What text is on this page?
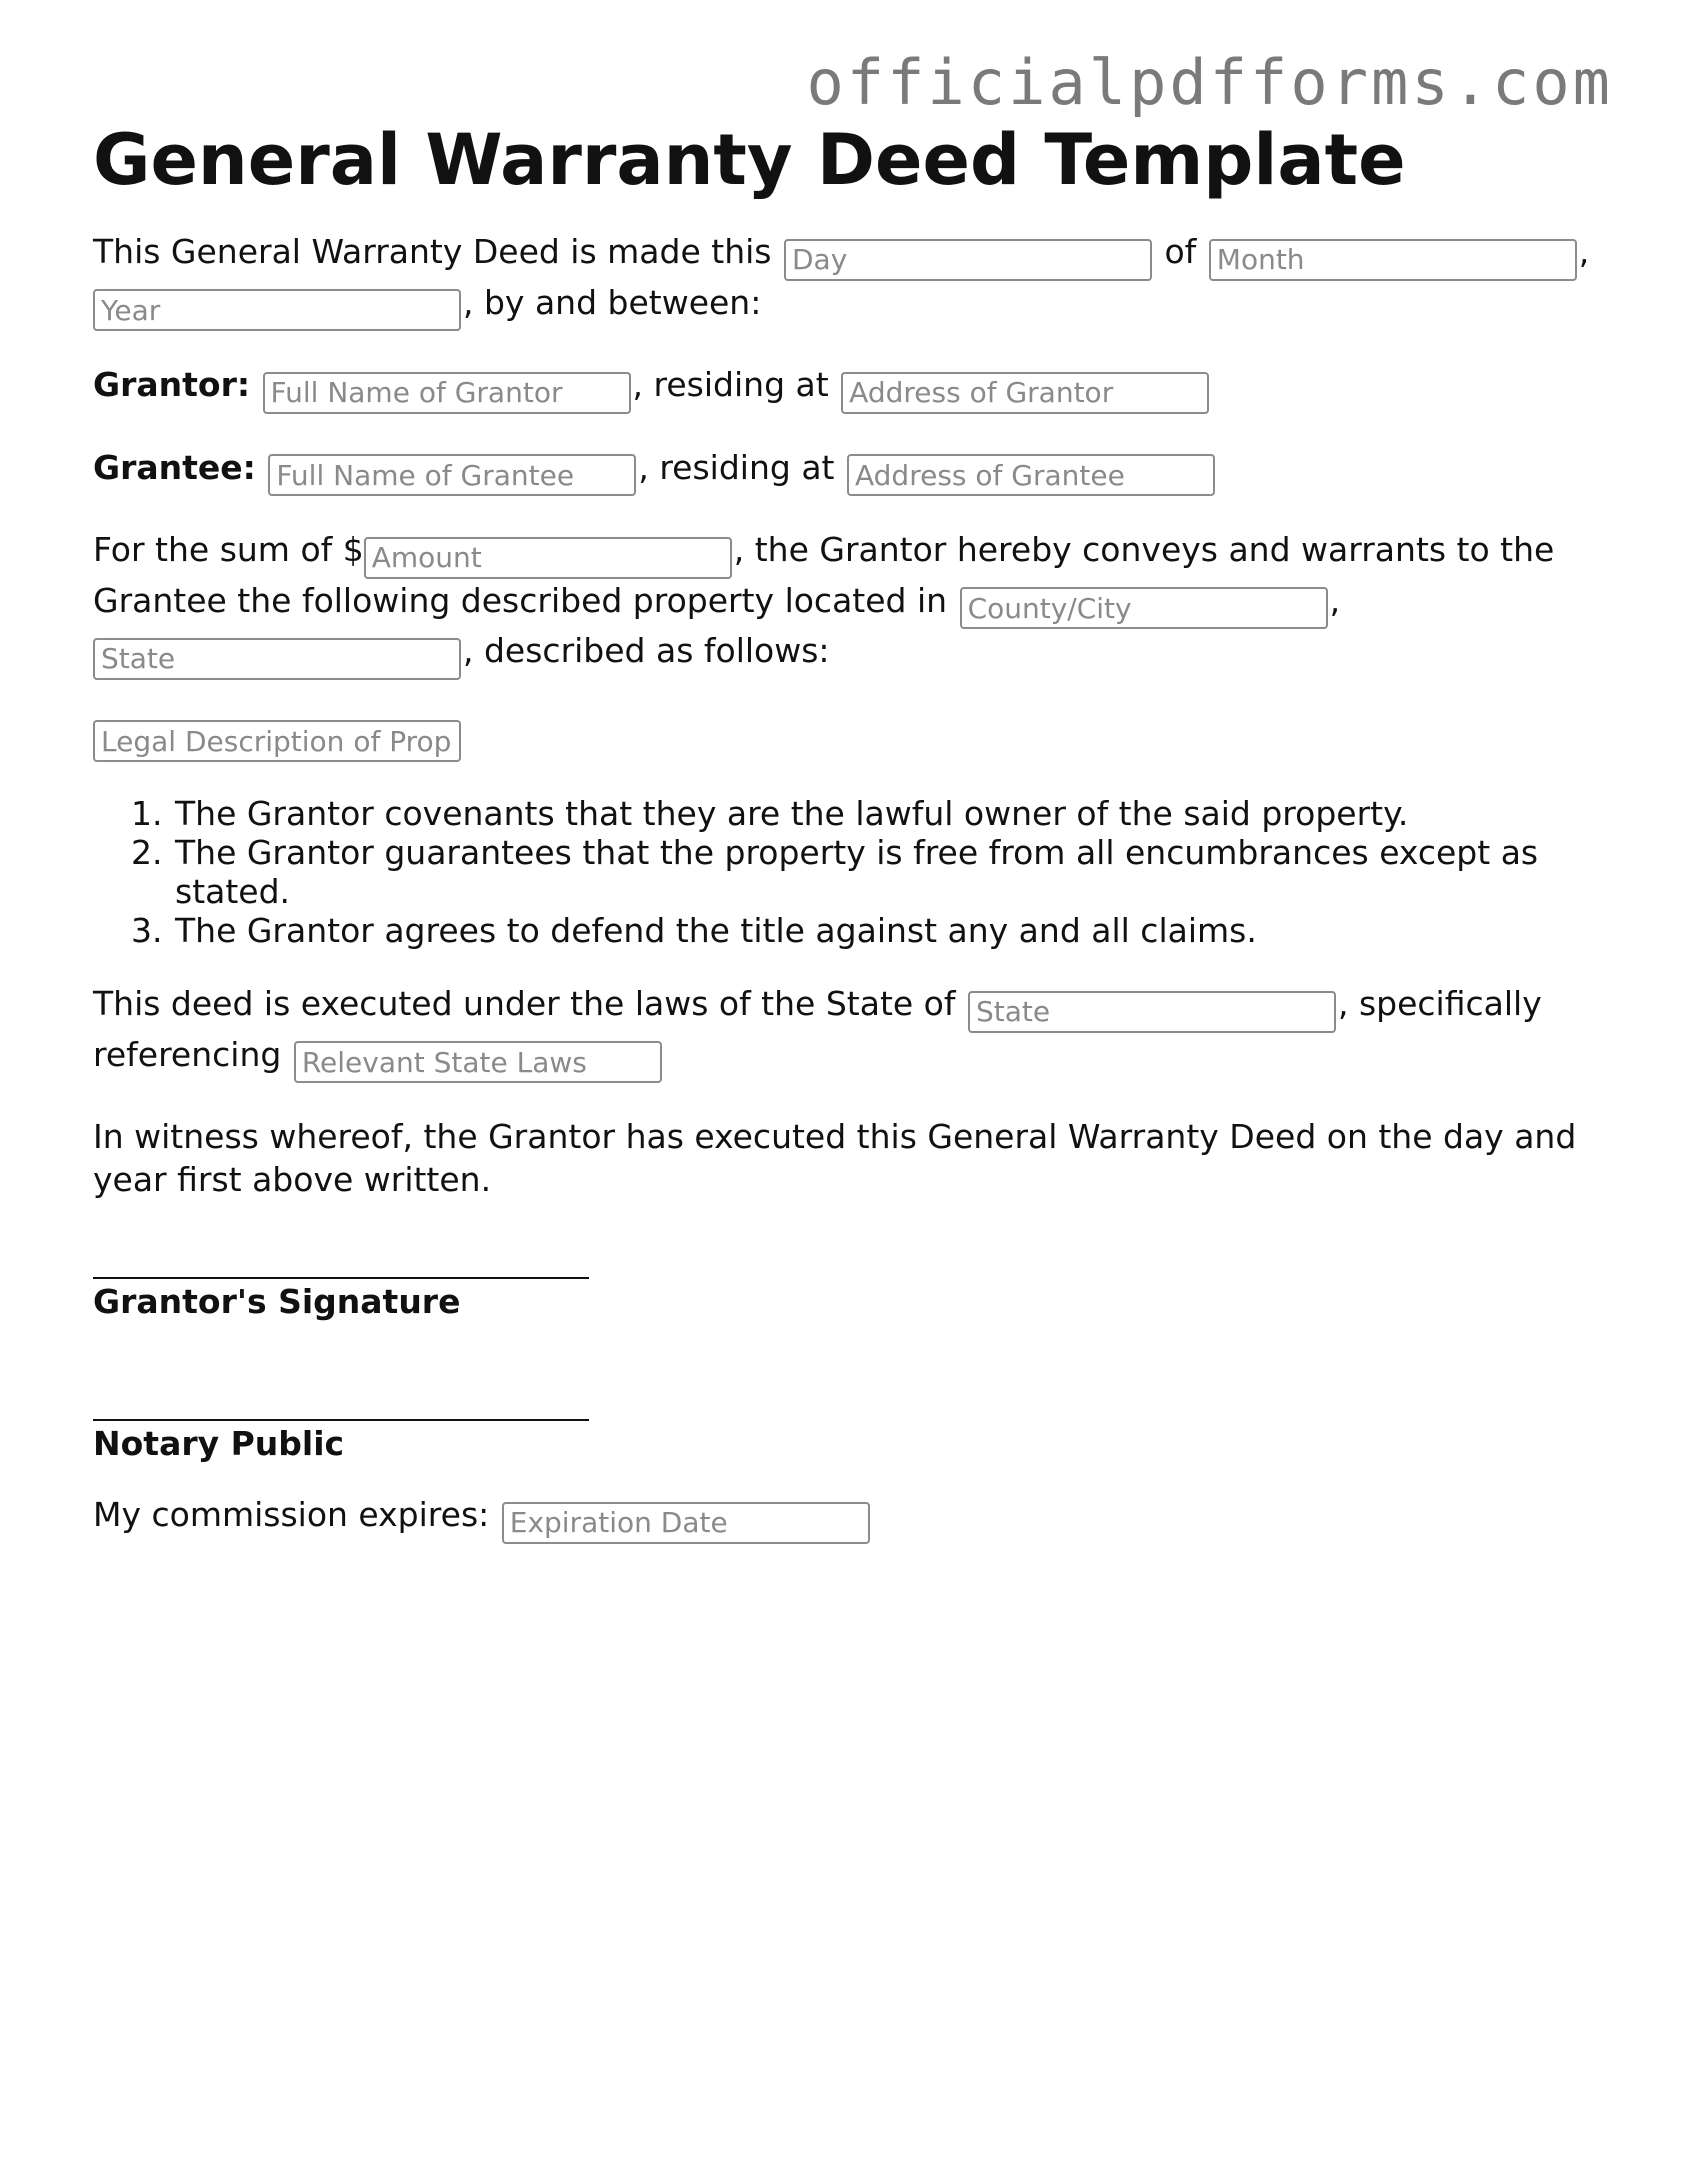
officialpdfforms.com
General Warranty Deed Template

This General Warranty Deed is made this Day	of Month	,
Year, by and between:

Grantor: Full Name of Grantor	, residing at Address of Grantor

Grantee: Full Name of Grantee	, residing at Address of Grantee

For the sum of $Amount	, the Grantor hereby conveys and warrants to the Grantee the following described property located in County/City	,
State, described as follows:

Legal Description of Property
1. The Grantor covenants that they are the lawful owner of the said property.
2. The Grantor guarantees that the property is free from all encumbrances except as stated.
3. The Grantor agrees to defend the title against any and all claims.

This deed is executed under the laws of the State of State	, specifically referencing Relevant State Laws

In witness whereof, the Grantor has executed this General Warranty Deed on the day and year first above written.

Grantor's Signature

Notary Public

My commission expires: Expiration Date
